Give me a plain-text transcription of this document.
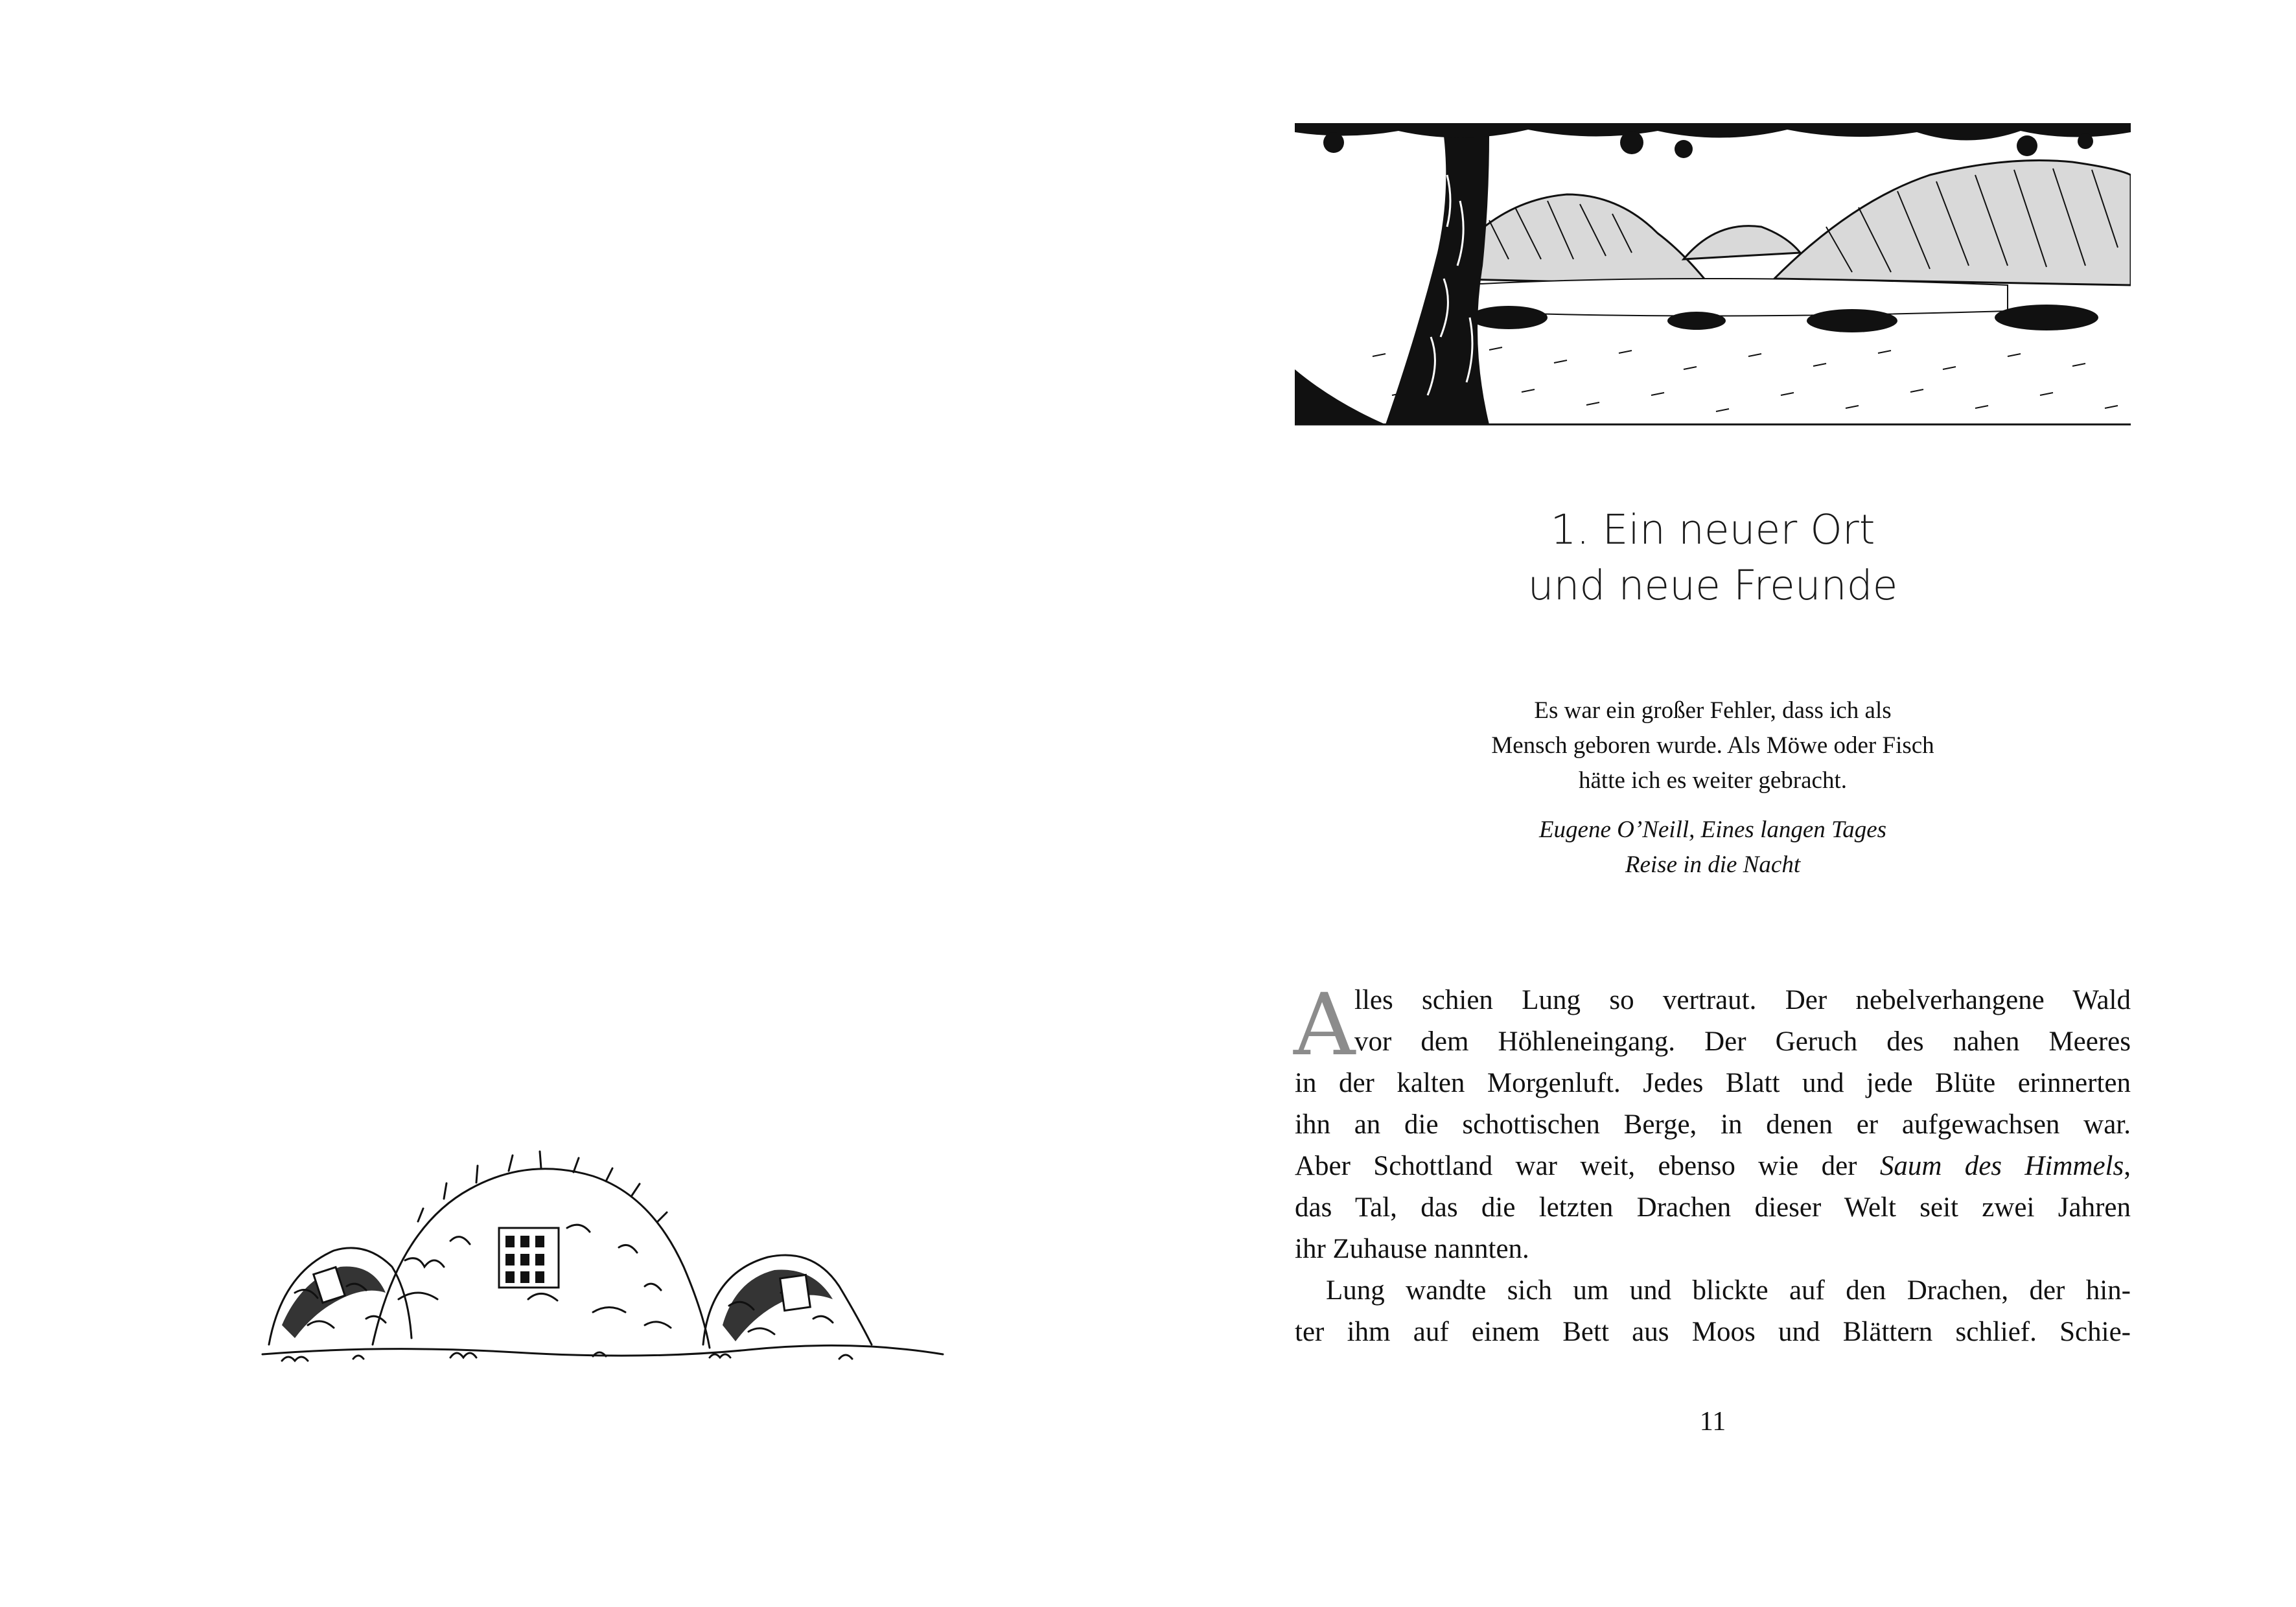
1. Ein neuer Ort
und neue Freunde
Es war ein großer Fehler, dass ich als
Mensch geboren wurde. Als Möwe oder Fisch
hätte ich es weiter gebracht.
Eugene O’Neill, Eines langen Tages
Reise in die Nacht
A
lles schien Lung so vertraut. Der nebelverhangene Wald
vor dem Höhleneingang. Der Geruch des nahen Meeres
in der kalten Morgenluft. Jedes Blatt und jede Blüte erinnerten
ihn an die schottischen Berge, in denen er aufgewachsen war.
Aber Schottland war weit, ebenso wie der Saum des Himmels,
das Tal, das die letzten Drachen dieser Welt seit zwei Jahren
ihr Zuhause nannten.
Lung wandte sich um und blickte auf den Drachen, der hin-
ter ihm auf einem Bett aus Moos und Blättern schlief. Schie-
11
